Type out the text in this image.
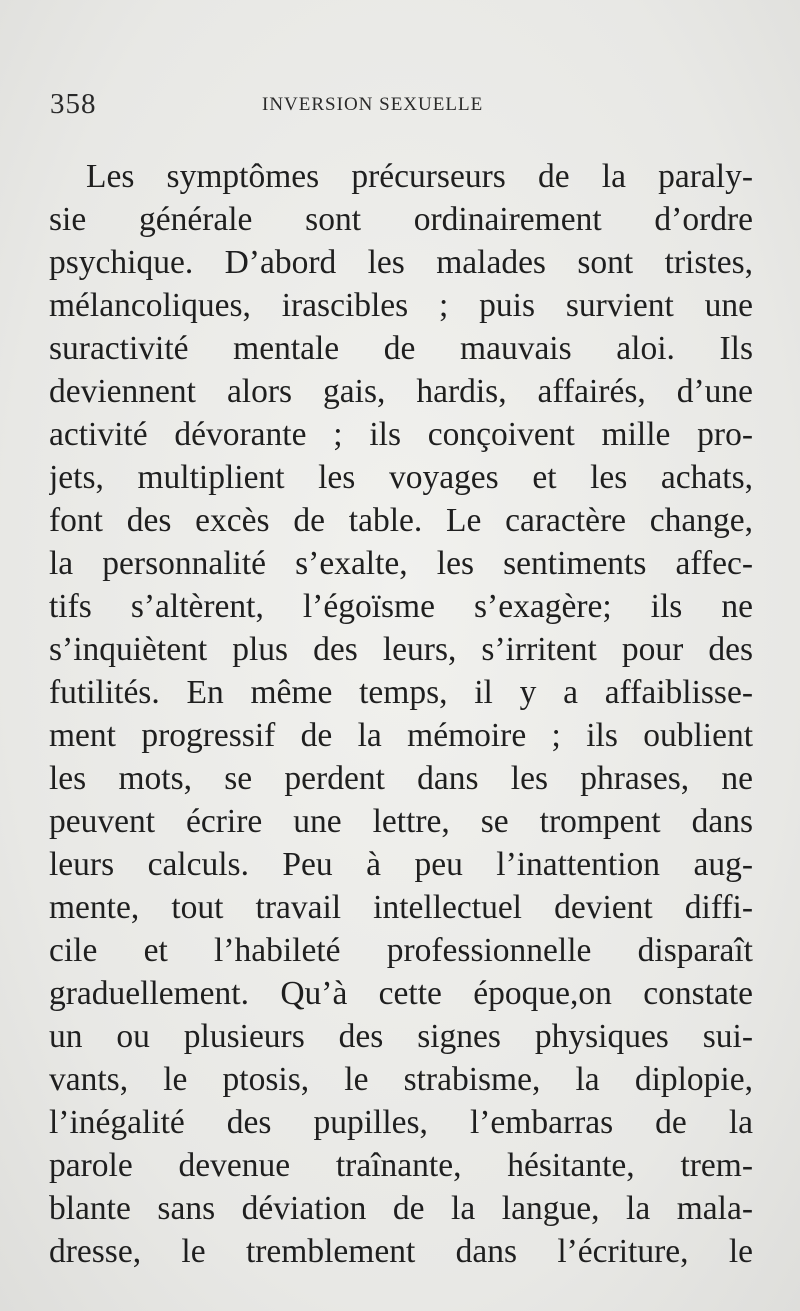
358	INVERSION SEXUELLE
Les symptômes précurseurs de la paraly-
sie générale sont ordinairement d’ordre
psychique. D’abord les malades sont tristes,
mélancoliques, irascibles ; puis survient une
suractivité mentale de mauvais aloi. Ils
deviennent alors gais, hardis, affairés, d’une
activité dévorante ; ils conçoivent mille pro-
jets, multiplient les voyages et les achats,
font des excès de table. Le caractère change,
la personnalité s’exalte, les sentiments affec-
tifs s’altèrent, l’égoïsme s’exagère; ils ne
s’inquiètent plus des leurs, s’irritent pour des
futilités. En même temps, il y a affaiblisse-
ment progressif de la mémoire ; ils oublient
les mots, se perdent dans les phrases, ne
peuvent écrire une lettre, se trompent dans
leurs calculs. Peu à peu l’inattention aug-
mente, tout travail intellectuel devient diffi-
cile et l’habileté professionnelle disparaît
graduellement. Qu’à cette époque,on constate
un ou plusieurs des signes physiques sui-
vants, le ptosis, le strabisme, la diplopie,
l’inégalité des pupilles, l’embarras de la
parole devenue traînante, hésitante, trem-
blante sans déviation de la langue, la mala-
dresse, le tremblement dans l’écriture, le
